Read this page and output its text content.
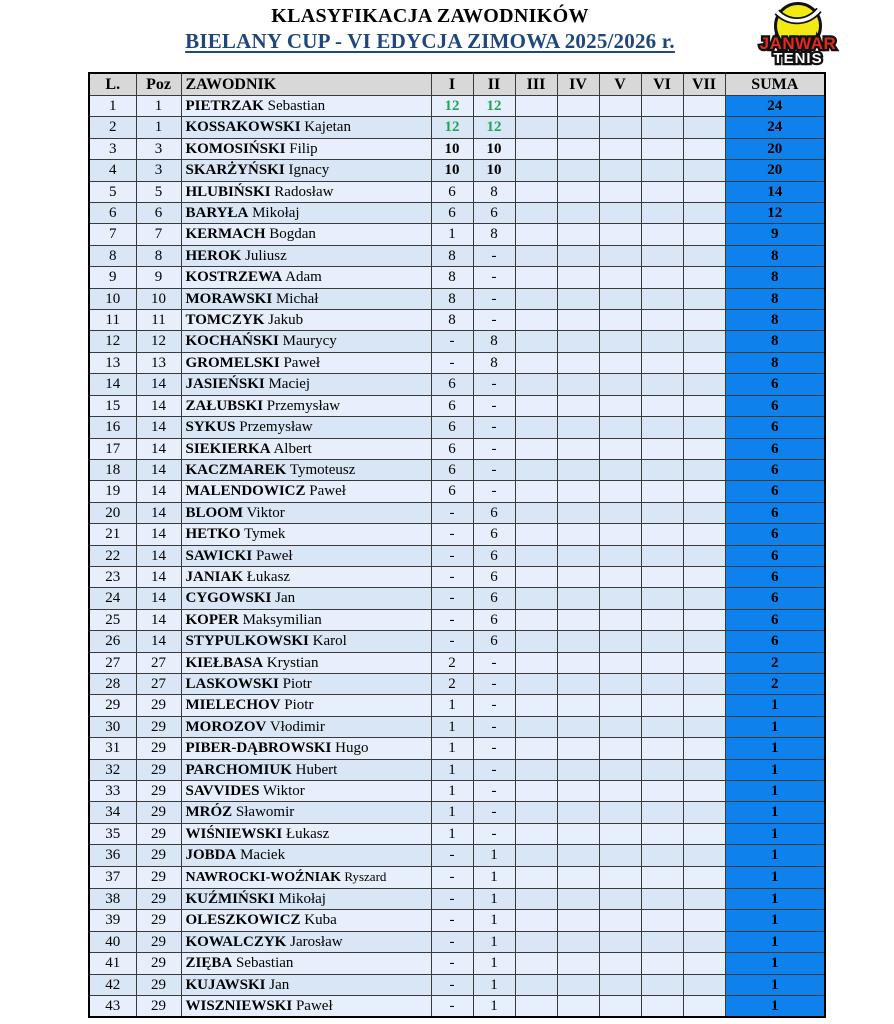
KLASYFIKACJA ZAWODNIKÓW
BIELANY CUP - VI EDYCJA ZIMOWA 2025/2026 r.	JANWAR
TENIS
L.	Poz	ZAWODNIK	I	II	III	IV	V	VI	VII	SUMA
1	1	PIETRZAK Sebastian	12	12						24
2	1	KOSSAKOWSKI Kajetan	12	12						24
3	3	KOMOSIŃSKI Filip	10	10						20
4	3	SKARŻYŃSKI Ignacy	10	10						20
5	5	HLUBIŃSKI Radosław	6	8						14
6	6	BARYŁA Mikołaj	6	6						12
7	7	KERMACH Bogdan	1	8						9
8	8	HEROK Juliusz	8	-						8
9	9	KOSTRZEWA Adam	8	-						8
10	10	MORAWSKI Michał	8	-						8
11	11	TOMCZYK Jakub	8	-						8
12	12	KOCHAŃSKI Maurycy	-	8						8
13	13	GROMELSKI Paweł	-	8						8
14	14	JASIEŃSKI Maciej	6	-						6
15	14	ZAŁUBSKI Przemysław	6	-						6
16	14	SYKUS Przemysław	6	-						6
17	14	SIEKIERKA Albert	6	-						6
18	14	KACZMAREK Tymoteusz	6	-						6
19	14	MALENDOWICZ Paweł	6	-						6
20	14	BLOOM Viktor	-	6						6
21	14	HETKO Tymek	-	6						6
22	14	SAWICKI Paweł	-	6						6
23	14	JANIAK Łukasz	-	6						6
24	14	CYGOWSKI Jan	-	6						6
25	14	KOPER Maksymilian	-	6						6
26	14	STYPULKOWSKI Karol	-	6						6
27	27	KIEŁBASA Krystian	2	-						2
28	27	LASKOWSKI Piotr	2	-						2
29	29	MIELECHOV Piotr	1	-						1
30	29	MOROZOV Vłodimir	1	-						1
31	29	PIBER-DĄBROWSKI Hugo	1	-						1
32	29	PARCHOMIUK Hubert	1	-						1
33	29	SAVVIDES Wiktor	1	-						1
34	29	MRÓZ Sławomir	1	-						1
35	29	WIŚNIEWSKI Łukasz	1	-						1
36	29	JOBDA Maciek	-	1						1
37	29	NAWROCKI-WOŹNIAK Ryszard	-	1						1
38	29	KUŹMIŃSKI Mikołaj	-	1						1
39	29	OLESZKOWICZ Kuba	-	1						1
40	29	KOWALCZYK Jarosław	-	1						1
41	29	ZIĘBA Sebastian	-	1						1
42	29	KUJAWSKI Jan	-	1						1
43	29	WISZNIEWSKI Paweł	-	1						1
